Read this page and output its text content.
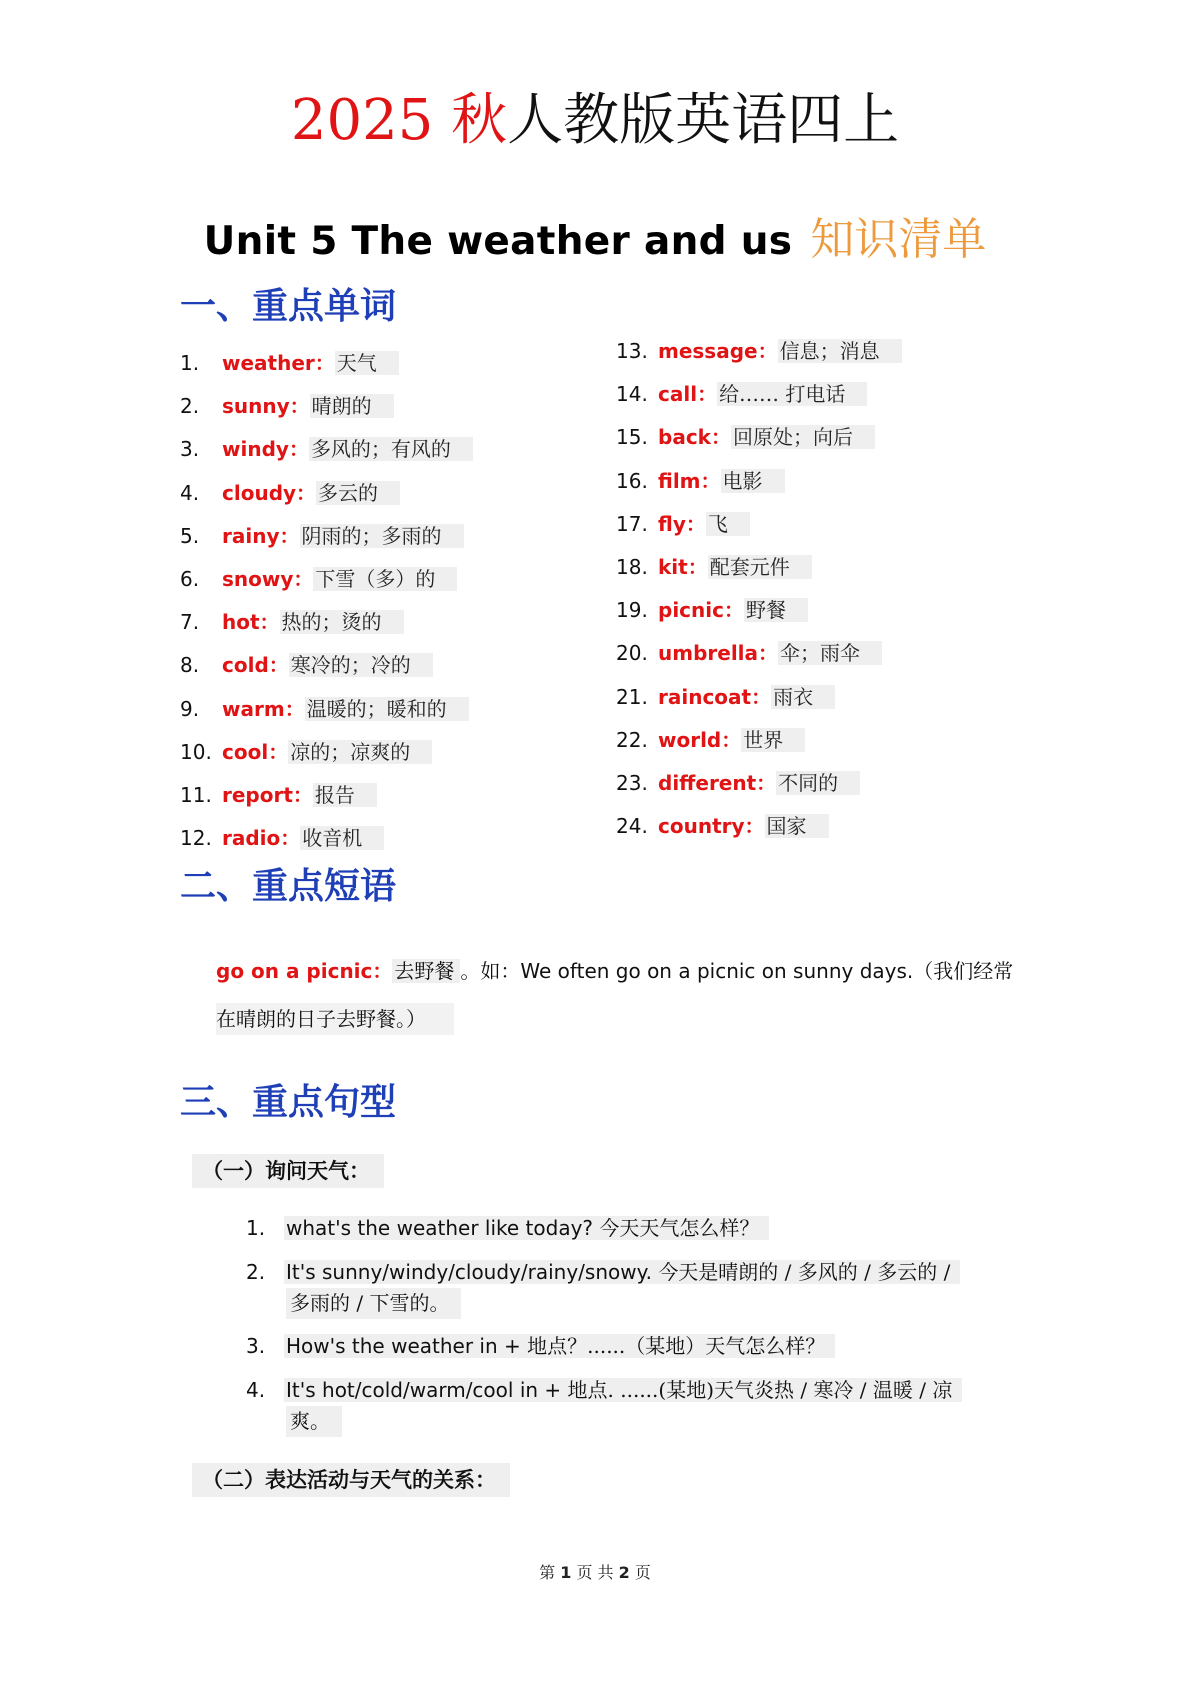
2025 秋人教版英语四上
Unit 5 The weather and us 知识清单
一、重点单词
1. weather： 天气
2. sunny： 晴朗的
3. windy： 多风的；有风的
4. cloudy： 多云的
5. rainy： 阴雨的；多雨的
6. snowy： 下雪（多）的
7. hot： 热的；烫的
8. cold： 寒冷的；冷的
9. warm： 温暖的；暖和的
10. cool： 凉的；凉爽的
11. report： 报告
12. radio： 收音机
13. message： 信息；消息
14. call： 给…… 打电话
15. back： 回原处；向后
16. film： 电影
17. fly： 飞
18. kit： 配套元件
19. picnic： 野餐
20. umbrella： 伞；雨伞
21. raincoat： 雨衣
22. world： 世界
23. different： 不同的
24. country： 国家
二、重点短语
go on a picnic： 去野餐 。如：We often go on a picnic on sunny days.（我们经常
在晴朗的日子去野餐。）
三、重点句型
（一）询问天气：
1. what's the weather like today? 今天天气怎么样？
2. It's sunny/windy/cloudy/rainy/snowy. 今天是晴朗的 / 多风的 / 多云的 /
多雨的 / 下雪的。
3. How's the weather in + 地点？......（某地）天气怎么样？
4. It's hot/cold/warm/cool in + 地点. ......(某地)天气炎热 / 寒冷 / 温暖 / 凉
爽。
（二）表达活动与天气的关系：
第 1 页 共 2 页
